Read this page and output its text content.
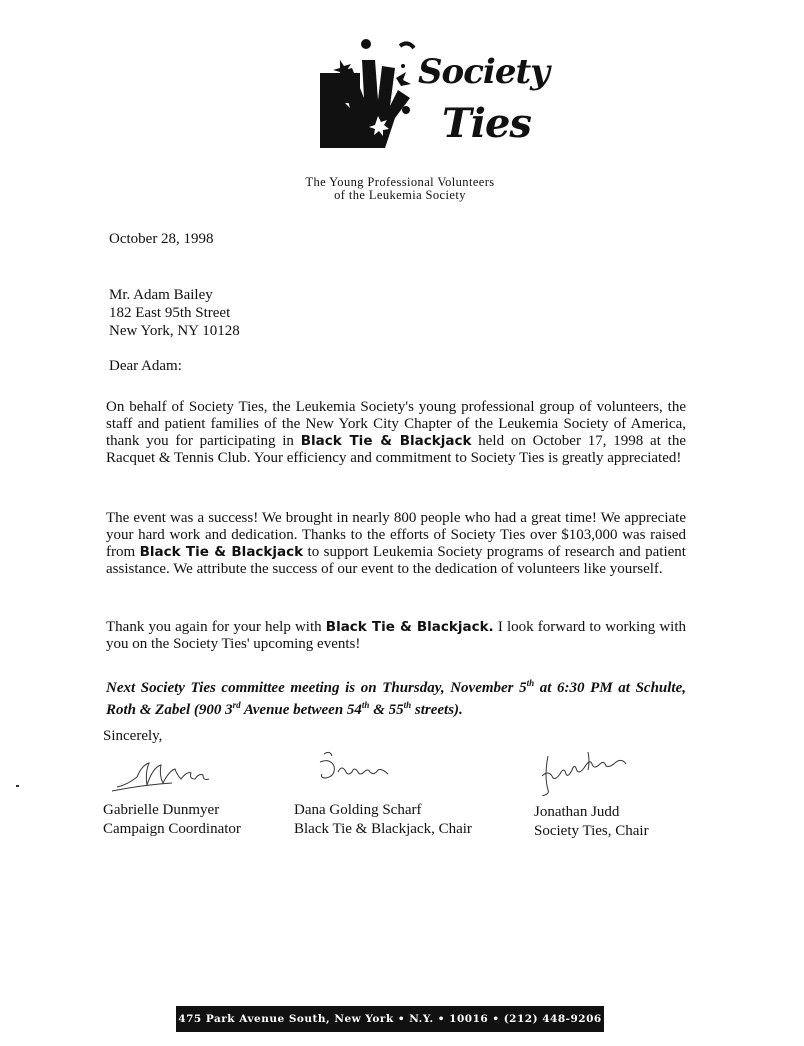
Society
Ties
The Young Professional Volunteers
of the Leukemia Society
October 28, 1998
Mr. Adam Bailey
182 East 95th Street
New York, NY 10128
Dear Adam:
On behalf of Society Ties, the Leukemia Society's young professional group of volunteers, the staff and patient families of the New York City Chapter of the Leukemia Society of America, thank you for participating in Black Tie & Blackjack held on October 17, 1998 at the Racquet & Tennis Club. Your efficiency and commitment to Society Ties is greatly appreciated!
The event was a success! We brought in nearly 800 people who had a great time! We appreciate your hard work and dedication. Thanks to the efforts of Society Ties over $103,000 was raised from Black Tie & Blackjack to support Leukemia Society programs of research and patient assistance. We attribute the success of our event to the dedication of volunteers like yourself.
Thank you again for your help with Black Tie & Blackjack. I look forward to working with you on the Society Ties' upcoming events!
Next Society Ties committee meeting is on Thursday, November 5th at 6:30 PM at Schulte, Roth & Zabel (900 3rd Avenue between 54th & 55th streets).
Sincerely,
Gabrielle Dunmyer
Campaign Coordinator
Dana Golding Scharf
Black Tie & Blackjack, Chair
Jonathan Judd
Society Ties, Chair
475 Park Avenue South, New York • N.Y. • 10016 • (212) 448-9206
